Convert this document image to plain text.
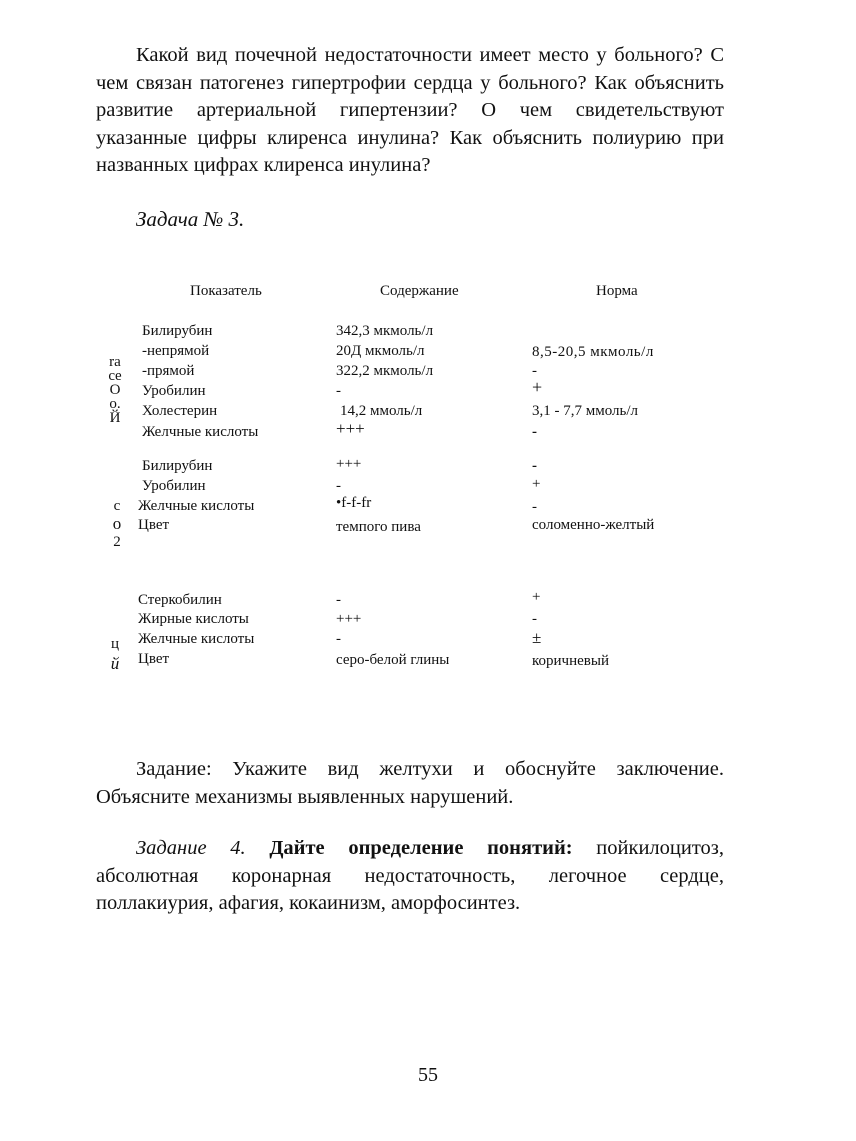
Какой вид почечной недостаточности имеет место у больного? С чем связан патогенез гипертрофии сердца у больного? Как объяснить развитие артериальной гипертензии? О чем свидетельствуют указанные цифры клиренса инулина? Как объяснить полиурию при названных цифрах клиренса инулина?

Задача № 3.

Показатель	Содержание	Норма
ra
ce
O
o.
Й
Билирубин	342,3 мкмоль/л
-непрямой	20Д мкмоль/л	8,5-20,5 мкмоль/л
-прямой	322,2 мкмоль/л	-
Уробилин	-	+
Холестерин	14,2 ммоль/л	3,1 - 7,7 ммоль/л
Желчные кислоты	+++	-
с
о
2
Билирубин	+++	-
Уробилин	-	+
Желчные кислоты	•f-f-fr	-
Цвет	темпого пива	соломенно-желтый
ц
й
Стеркобилин	-	+
Жирные кислоты	+++	-
Желчные кислоты	-	±
Цвет	серо-белой глины	коричневый

Задание: Укажите вид желтухи и обоснуйте заключение. Объясните механизмы выявленных нарушений.

Задание 4. Дайте определение понятий: пойкилоцитоз, абсолютная коронарная недостаточность, легочное сердце, поллакиурия, афагия, кокаинизм, аморфосинтез.

55
